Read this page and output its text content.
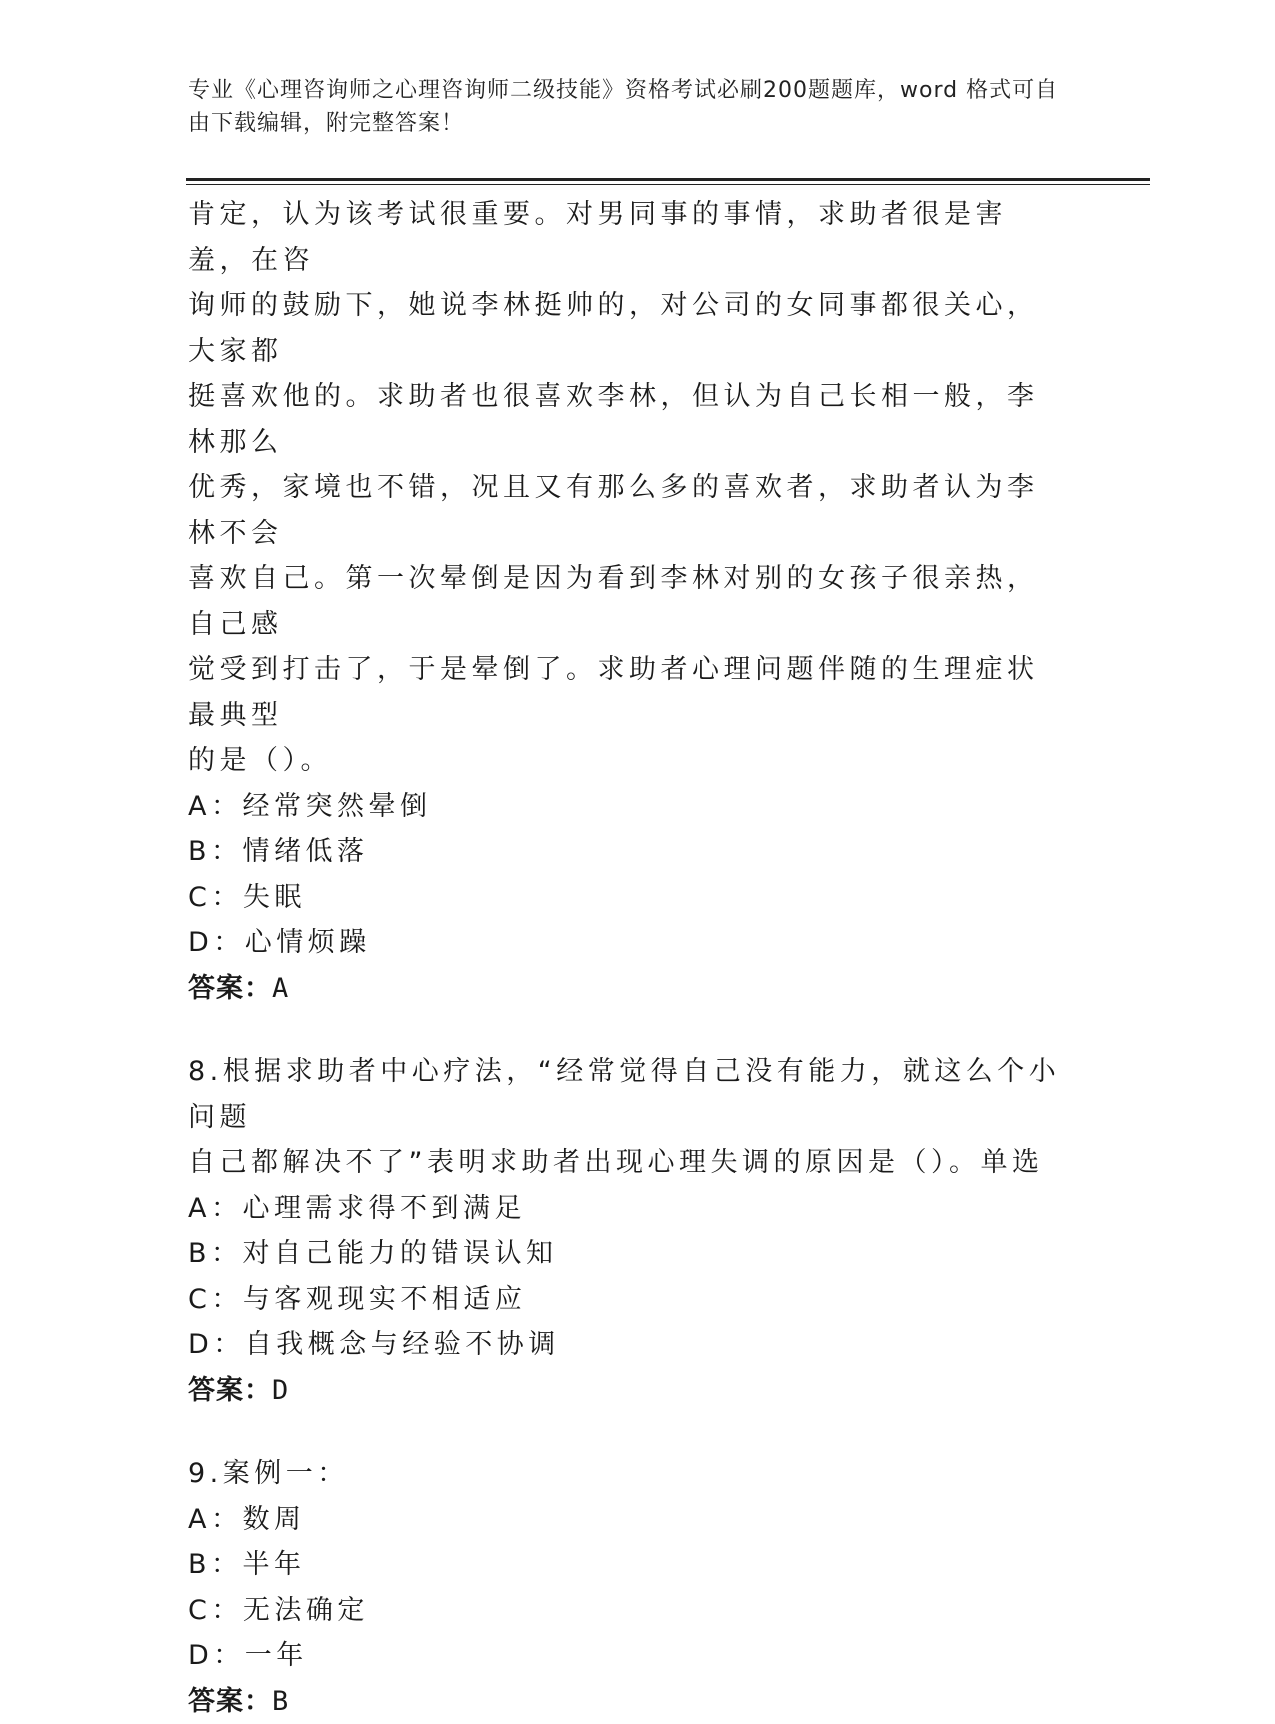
专业《心理咨询师之心理咨询师二级技能》资格考试必刷200题题库，word 格式可自由下载编辑，附完整答案！

肯定，认为该考试很重要。对男同事的事情，求助者很是害羞，在咨

询师的鼓励下，她说李林挺帅的，对公司的女同事都很关心，大家都

挺喜欢他的。求助者也很喜欢李林，但认为自己长相一般，李林那么

优秀，家境也不错，况且又有那么多的喜欢者，求助者认为李林不会

喜欢自己。第一次晕倒是因为看到李林对别的女孩子很亲热，自己感

觉受到打击了，于是晕倒了。求助者心理问题伴随的生理症状最典型

的是（）。

A：经常突然晕倒

B：情绪低落

C：失眠

D：心情烦躁

答案：A

8.根据求助者中心疗法，“经常觉得自己没有能力，就这么个小问题

自己都解决不了”表明求助者出现心理失调的原因是（）。单选

A：心理需求得不到满足

B：对自己能力的错误认知

C：与客观现实不相适应

D：自我概念与经验不协调

答案：D

9.案例一：

A：数周

B：半年

C：无法确定

D：一年

答案：B
